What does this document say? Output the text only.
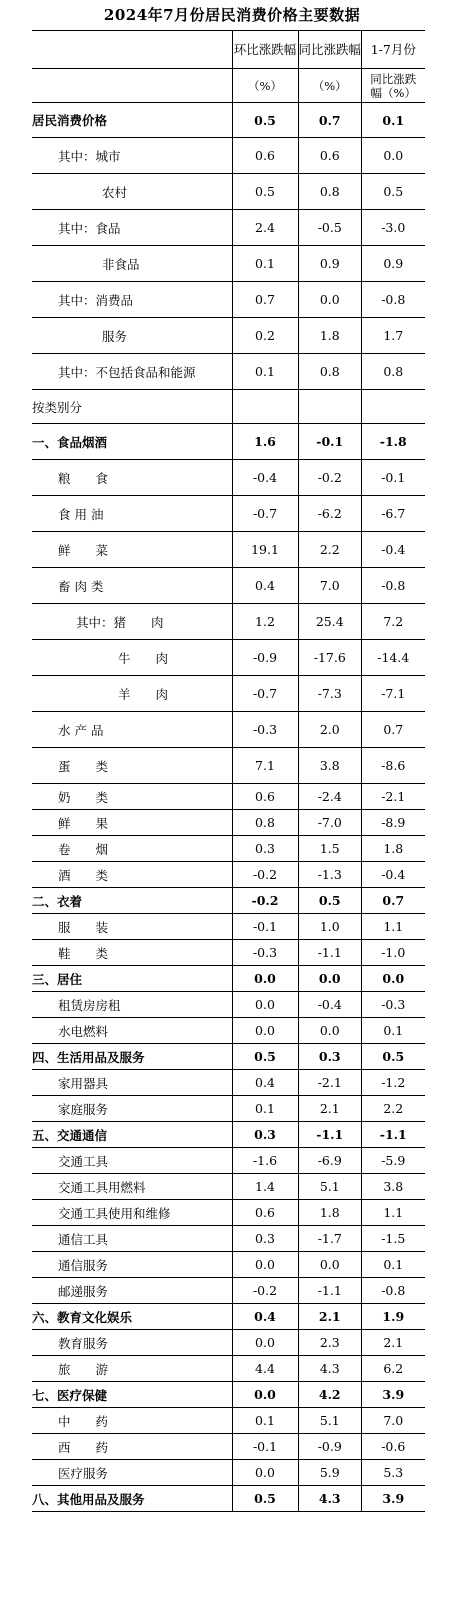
2024年7月份居民消费价格主要数据
	环比涨跌幅	同比涨跌幅	1-7月份
	（%）	（%）	同比涨跌幅（%）
居民消费价格	0.5	0.7	0.1
其中：城市	0.6	0.6	0.0
农村	0.5	0.8	0.5
其中：食品	2.4	-0.5	-3.0
非食品	0.1	0.9	0.9
其中：消费品	0.7	0.0	-0.8
服务	0.2	1.8	1.7
其中：不包括食品和能源	0.1	0.8	0.8
按类别分			
一、食品烟酒	1.6	-0.1	-1.8
粮　　食	-0.4	-0.2	-0.1
食 用 油	-0.7	-6.2	-6.7
鲜　　菜	19.1	2.2	-0.4
畜 肉 类	0.4	7.0	-0.8
其中：猪　　肉	1.2	25.4	7.2
牛　　肉	-0.9	-17.6	-14.4
羊　　肉	-0.7	-7.3	-7.1
水 产 品	-0.3	2.0	0.7
蛋　　类	7.1	3.8	-8.6
奶　　类	0.6	-2.4	-2.1
鲜　　果	0.8	-7.0	-8.9
卷　　烟	0.3	1.5	1.8
酒　　类	-0.2	-1.3	-0.4
二、衣着	-0.2	0.5	0.7
服　　装	-0.1	1.0	1.1
鞋　　类	-0.3	-1.1	-1.0
三、居住	0.0	0.0	0.0
租赁房房租	0.0	-0.4	-0.3
水电燃料	0.0	0.0	0.1
四、生活用品及服务	0.5	0.3	0.5
家用器具	0.4	-2.1	-1.2
家庭服务	0.1	2.1	2.2
五、交通通信	0.3	-1.1	-1.1
交通工具	-1.6	-6.9	-5.9
交通工具用燃料	1.4	5.1	3.8
交通工具使用和维修	0.6	1.8	1.1
通信工具	0.3	-1.7	-1.5
通信服务	0.0	0.0	0.1
邮递服务	-0.2	-1.1	-0.8
六、教育文化娱乐	0.4	2.1	1.9
教育服务	0.0	2.3	2.1
旅　　游	4.4	4.3	6.2
七、医疗保健	0.0	4.2	3.9
中　　药	0.1	5.1	7.0
西　　药	-0.1	-0.9	-0.6
医疗服务	0.0	5.9	5.3
八、其他用品及服务	0.5	4.3	3.9
